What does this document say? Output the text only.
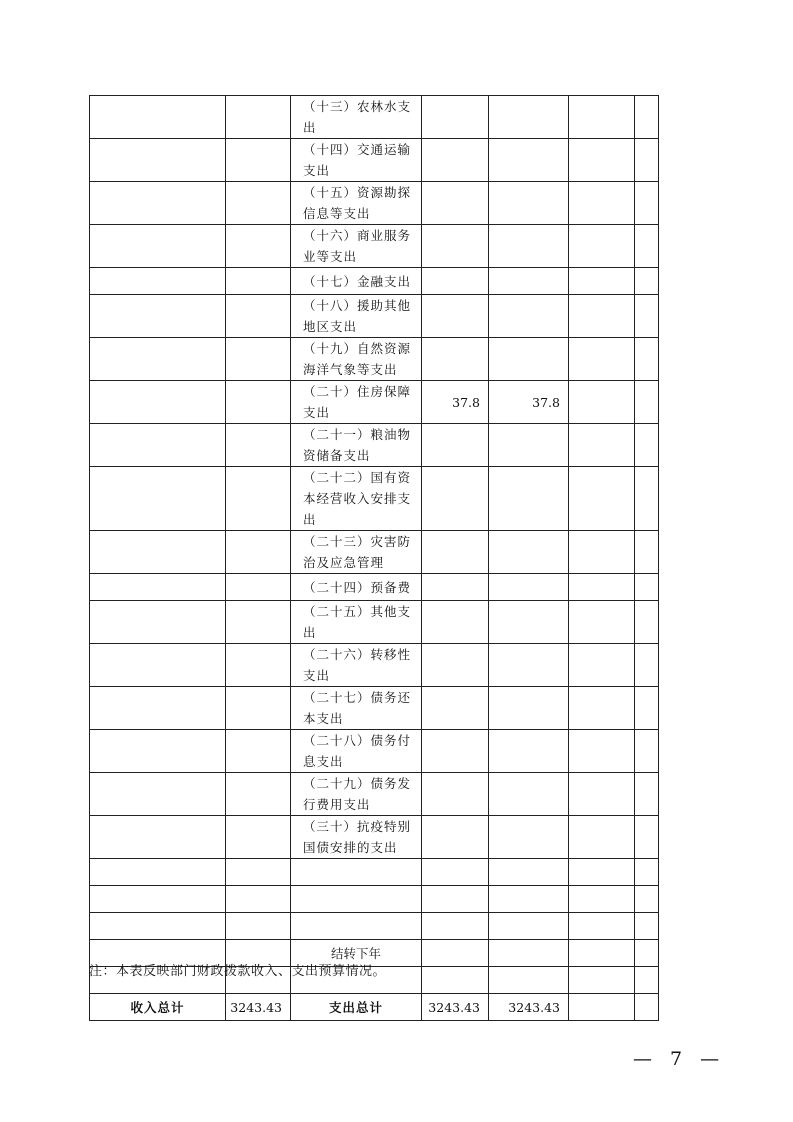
		（十三）农林水支出				
		（十四）交通运输支出				
		（十五）资源勘探信息等支出				
		（十六）商业服务业等支出				
		（十七）金融支出				
		（十八）援助其他地区支出				
		（十九）自然资源海洋气象等支出				
		（二十）住房保障支出	37.8	37.8		
		（二十一）粮油物资储备支出				
		（二十二）国有资本经营收入安排支出				
		（二十三）灾害防治及应急管理				
		（二十四）预备费				
		（二十五）其他支出				
		（二十六）转移性支出				
		（二十七）债务还本支出				
		（二十八）债务付息支出				
		（二十九）债务发行费用支出				
		（三十）抗疫特别国债安排的支出				

		结转下年				

收入总计	3243.43	支出总计	3243.43	3243.43		
注：本表反映部门财政拨款收入、支出预算情况。
— 7 —
